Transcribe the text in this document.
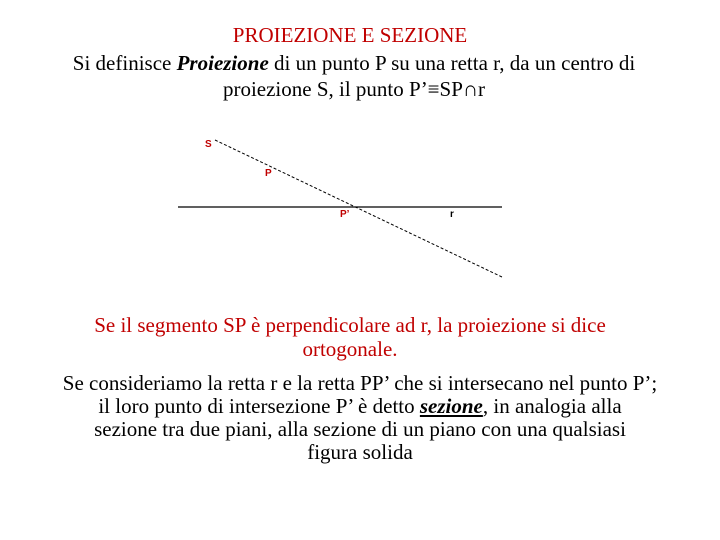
PROIEZIONE E SEZIONE
Si definisce Proiezione di un punto P su una retta r, da un centro di
proiezione S, il punto P’≡SP∩r
S
P
P’	r
Se il segmento SP è perpendicolare ad r, la proiezione si dice
ortogonale.
Se consideriamo la retta r e la retta PP’ che si intersecano nel punto P’;
il loro punto di intersezione P’ è detto sezione, in analogia alla
sezione tra due piani, alla sezione di un piano con una qualsiasi
figura solida
